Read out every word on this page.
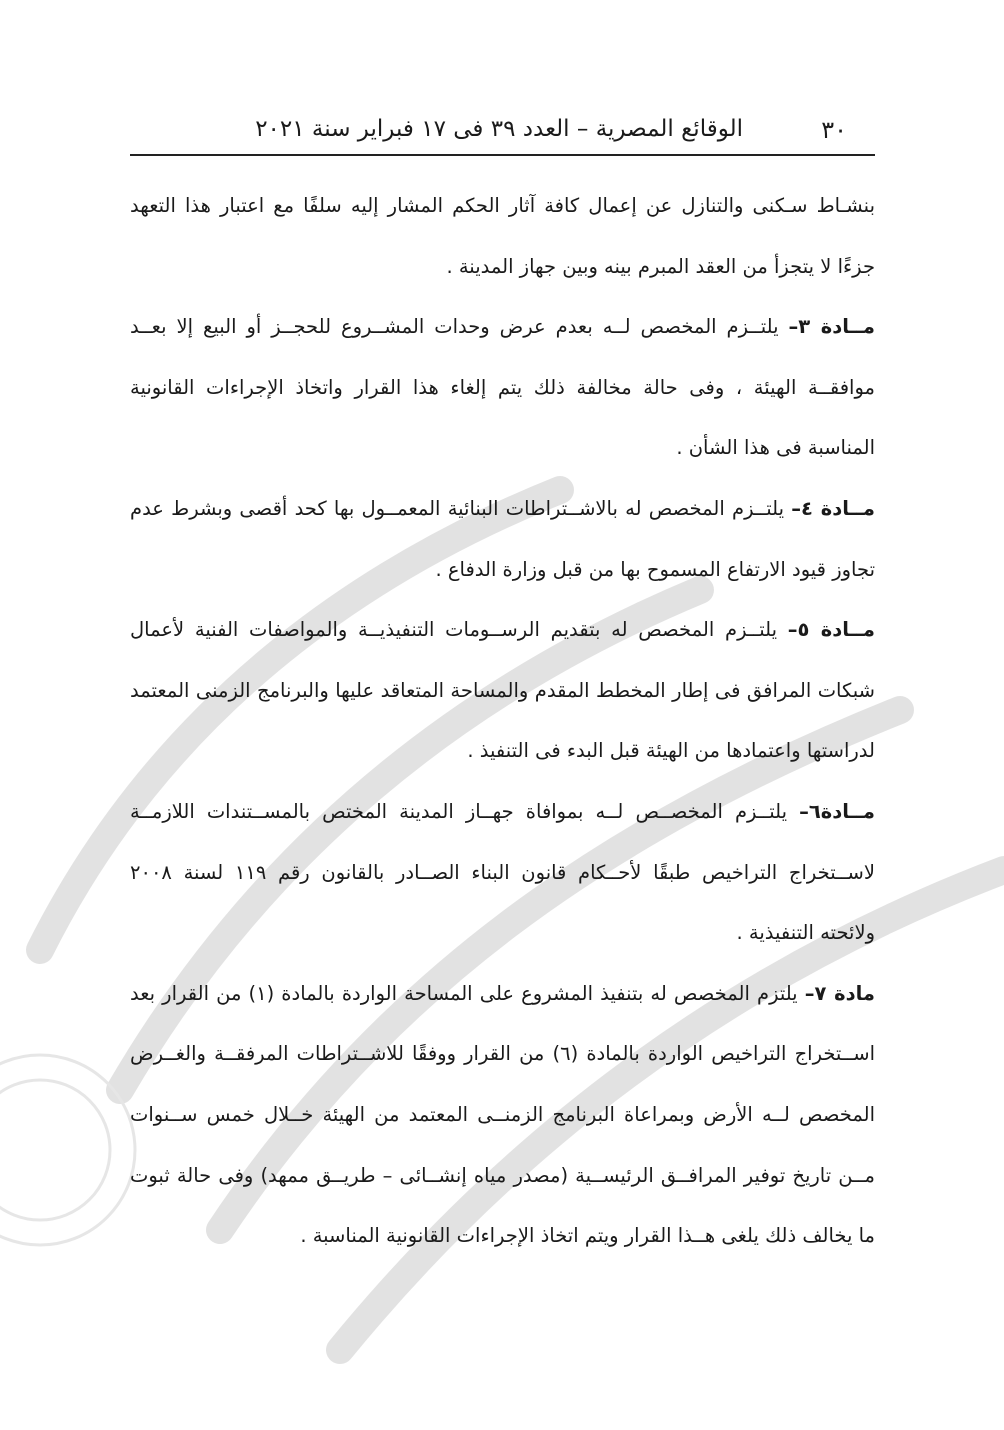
٣٠
الوقائع المصرية – العدد ٣٩ فى ١٧ فبراير سنة ٢٠٢١

بنشـاط سـكنى والتنازل عن إعمال كافة آثار الحكم المشار إليه سلفًا مع اعتبار هذا التعهد جزءًا لا يتجزأ من العقد المبرم بينه وبين جهاز المدينة .

مــادة ٣– يلتــزم المخصص لــه بعدم عرض وحدات المشــروع للحجــز أو البيع إلا بعــد موافقــة الهيئة ، وفى حالة مخالفة ذلك يتم إلغاء هذا القرار واتخاذ الإجراءات القانونية المناسبة فى هذا الشأن .

مــادة ٤– يلتــزم المخصص له بالاشــتراطات البنائية المعمــول بها كحد أقصى وبشرط عدم تجاوز قيود الارتفاع المسموح بها من قبل وزارة الدفاع .

مــادة ٥– يلتــزم المخصص له بتقديم الرســومات التنفيذيــة والمواصفات الفنية لأعمال شبكات المرافق فى إطار المخطط المقدم والمساحة المتعاقد عليها والبرنامج الزمنى المعتمد لدراستها واعتمادها من الهيئة قبل البدء فى التنفيذ .

مــادة٦– يلتــزم المخصــص لــه بموافاة جهــاز المدينة المختص بالمســتندات اللازمــة لاســتخراج التراخيص طبقًا لأحــكام قانون البناء الصــادر بالقانون رقم ١١٩ لسنة ٢٠٠٨ ولائحته التنفيذية .

مادة ٧– يلتزم المخصص له بتنفيذ المشروع على المساحة الواردة بالمادة (١) من القرار بعد اســتخراج التراخيص الواردة بالمادة (٦) من القرار ووفقًا للاشــتراطات المرفقــة والغــرض المخصص لــه الأرض وبمراعاة البرنامج الزمنــى المعتمد من الهيئة خــلال خمس ســنوات مــن تاريخ توفير المرافــق الرئيســية (مصدر مياه إنشــائى – طريــق ممهد) وفى حالة ثبوت ما يخالف ذلك يلغى هــذا القرار ويتم اتخاذ الإجراءات القانونية المناسبة .
